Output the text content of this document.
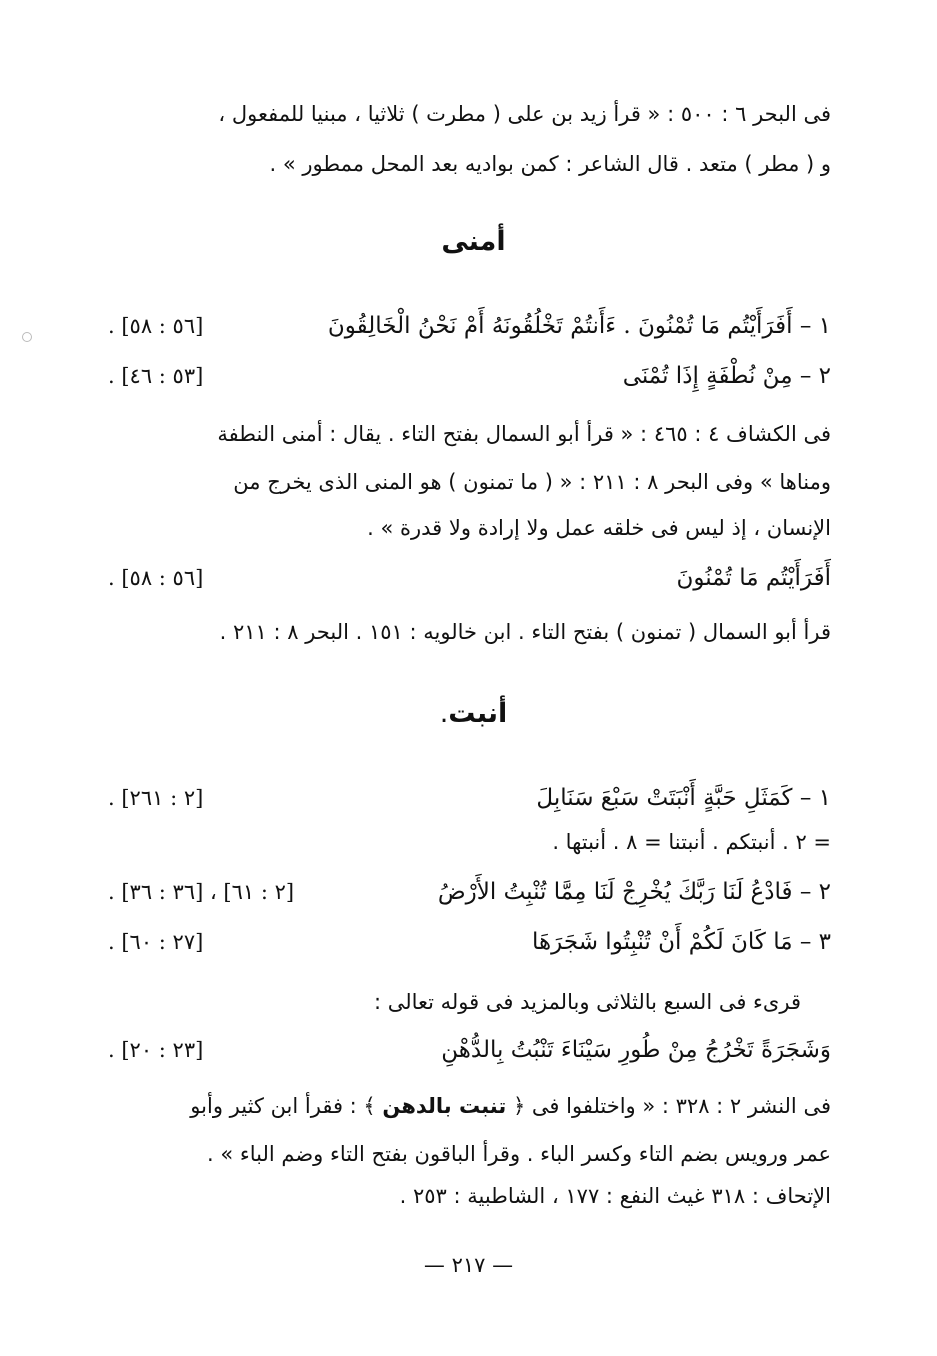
فى البحر ٦ : ٥٠٠ : « قرأ زيد بن على ( مطرت ) ثلاثيا ، مبنيا للمفعول ،
و ( مطر ) متعد . قال الشاعر : كمن بواديه بعد المحل ممطور » .
أمنى
١ – أَفَرَأَيْتُم مَا تُمْنُونَ . ءَأَنتُمْ تَخْلُقُونَهُ أَمْ نَحْنُ الْخَالِقُونَ
[٥٦ : ٥٨] .
٢ – مِنْ نُطْفَةٍ إِذَا تُمْنَى
[٥٣ : ٤٦] .
فى الكشاف ٤ : ٤٦٥ : « قرأ أبو السمال بفتح التاء . يقال : أمنى النطفة
ومناها » وفى البحر ٨ : ٢١١ : « ( ما تمنون ) هو المنى الذى يخرج من
الإنسان ، إذ ليس فى خلقه عمل ولا إرادة ولا قدرة » .
أَفَرَأَيْتُم مَا تُمْنُونَ
[٥٦ : ٥٨] .
قرأ أبو السمال ( تمنون ) بفتح التاء . ابن خالويه : ١٥١ . البحر ٨ : ٢١١ .
أنبت.
١ – كَمَثَلِ حَبَّةٍ أَنْبَتَتْ سَبْعَ سَنَابِلَ
[٢ : ٢٦١] .
= ٢ . أنبتكم . أنبتنا = ٨ . أنبتها .
٢ – فَادْعُ لَنَا رَبَّكَ يُخْرِجْ لَنَا مِمَّا تُنْبِتُ الأَرْضُ
[٢ : ٦١] ، [٣٦ : ٣٦] .
٣ – مَا كَانَ لَكُمْ أَنْ تُنْبِتُوا شَجَرَهَا
[٢٧ : ٦٠] .
قرىء فى السبع بالثلاثى وبالمزيد فى قوله تعالى :
وَشَجَرَةً تَخْرُجُ مِنْ طُورِ سَيْنَاءَ تَنْبُتُ بِالدُّهْنِ
[٢٣ : ٢٠] .
فى النشر ٢ : ٣٢٨ : « واختلفوا فى ﴿ تنبت بالدهن ﴾ : فقرأ ابن كثير وأبو
عمر ورويس بضم التاء وكسر الباء . وقرأ الباقون بفتح التاء وضم الباء » .
الإتحاف : ٣١٨ غيث النفع : ١٧٧ ، الشاطبية : ٢٥٣ .
— ٢١٧ —
